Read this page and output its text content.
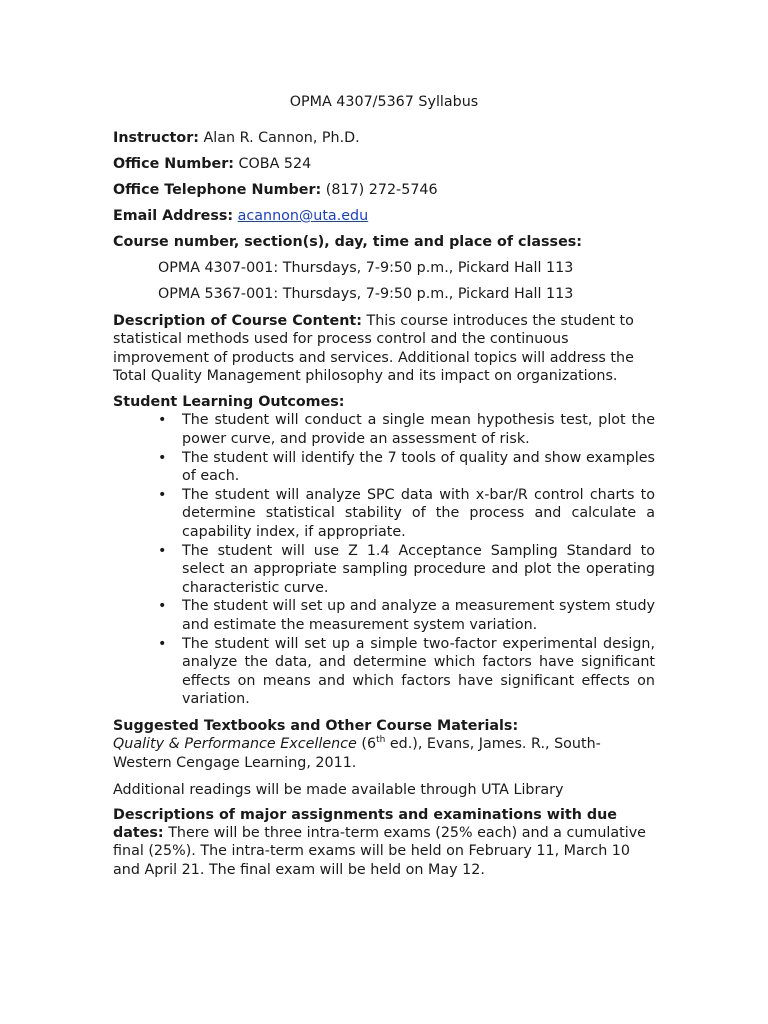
OPMA 4307/5367 Syllabus
Instructor: Alan R. Cannon, Ph.D.
Office Number: COBA 524
Office Telephone Number: (817) 272-5746
Email Address: acannon@uta.edu
Course number, section(s), day, time and place of classes:
OPMA 4307-001: Thursdays, 7-9:50 p.m., Pickard Hall 113
OPMA 5367-001: Thursdays, 7-9:50 p.m., Pickard Hall 113
Description of Course Content: This course introduces the student to statistical methods used for process control and the continuous improvement of products and services. Additional topics will address the Total Quality Management philosophy and its impact on organizations.
Student Learning Outcomes:
• The student will conduct a single mean hypothesis test, plot the power curve, and provide an assessment of risk.
• The student will identify the 7 tools of quality and show examples of each.
• The student will analyze SPC data with x-bar/R control charts to determine statistical stability of the process and calculate a capability index, if appropriate.
• The student will use Z 1.4 Acceptance Sampling Standard to select an appropriate sampling procedure and plot the operating characteristic curve.
• The student will set up and analyze a measurement system study and estimate the measurement system variation.
• The student will set up a simple two-factor experimental design, analyze the data, and determine which factors have significant effects on means and which factors have significant effects on variation.
Suggested Textbooks and Other Course Materials:
Quality & Performance Excellence (6th ed.), Evans, James. R., South-Western Cengage Learning, 2011.
Additional readings will be made available through UTA Library
Descriptions of major assignments and examinations with due dates: There will be three intra-term exams (25% each) and a cumulative final (25%). The intra-term exams will be held on February 11, March 10 and April 21. The final exam will be held on May 12.
